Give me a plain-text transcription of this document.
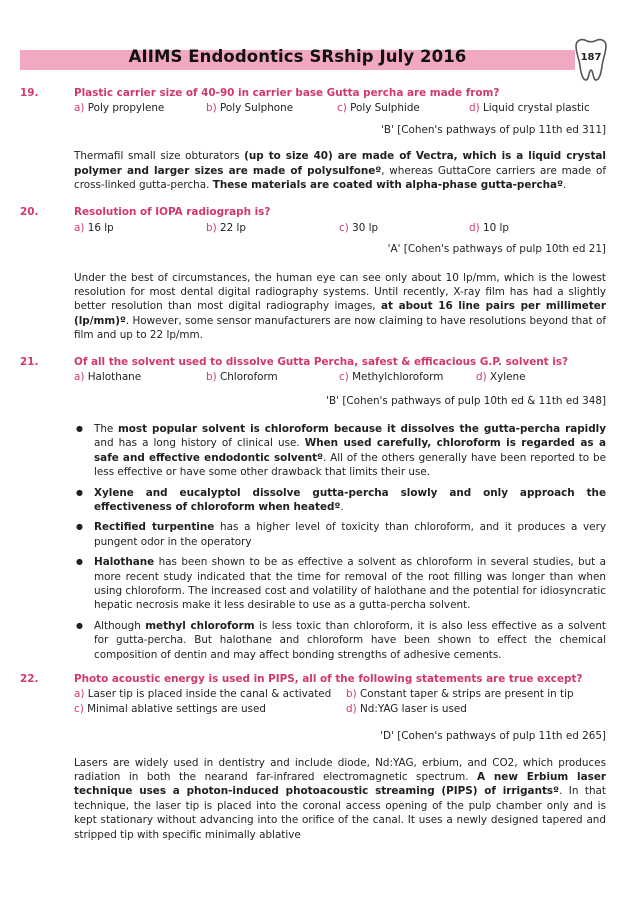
AIIMS Endodontics SRship July 2016	187
19.	Plastic carrier size of 40-90 in carrier base Gutta percha are made from?
a) Poly propylene	b) Poly Sulphone	c) Poly Sulphide	d) Liquid crystal plastic
'B' [Cohen's pathways of pulp 11th ed 311]

Thermafil small size obturators (up to size 40) are made of Vectra, which is a liquid crystal polymer and larger sizes are made of polysulfoneº, whereas GuttaCore carriers are made of cross-linked gutta-percha. These materials are coated with alpha-phase gutta-perchaº.

20.	Resolution of IOPA radiograph is?
a) 16 lp	b) 22 lp	c) 30 lp	d) 10 lp
'A' [Cohen's pathways of pulp 10th ed 21]

Under the best of circumstances, the human eye can see only about 10 lp/mm, which is the lowest resolution for most dental digital radiography systems. Until recently, X-ray film has had a slightly better resolution than most digital radiography images, at about 16 line pairs per millimeter (lp/mm)º. However, some sensor manufacturers are now claiming to have resolutions beyond that of film and up to 22 lp/mm.

21.	Of all the solvent used to dissolve Gutta Percha, safest & efficacious G.P. solvent is?
a) Halothane	b) Chloroform	c) Methylchloroform	d) Xylene
'B' [Cohen's pathways of pulp 10th ed & 11th ed 348]
● The most popular solvent is chloroform because it dissolves the gutta-percha rapidly and has a long history of clinical use. When used carefully, chloroform is regarded as a safe and effective endodontic solventº. All of the others generally have been reported to be less effective or have some other drawback that limits their use.
● Xylene and eucalyptol dissolve gutta-percha slowly and only approach the effectiveness of chloroform when heatedº.
● Rectified turpentine has a higher level of toxicity than chloroform, and it produces a very pungent odor in the operatory
● Halothane has been shown to be as effective a solvent as chloroform in several studies, but a more recent study indicated that the time for removal of the root filling was longer than when using chloroform. The increased cost and volatility of halothane and the potential for idiosyncratic hepatic necrosis make it less desirable to use as a gutta-percha solvent.
● Although methyl chloroform is less toxic than chloroform, it is also less effective as a solvent for gutta-percha. But halothane and chloroform have been shown to effect the chemical composition of dentin and may affect bonding strengths of adhesive cements.
22.	Photo acoustic energy is used in PIPS, all of the following statements are true except?
a) Laser tip is placed inside the canal & activated	b) Constant taper & strips are present in tip
c) Minimal ablative settings are used	d) Nd:YAG laser is used
'D' [Cohen's pathways of pulp 11th ed 265]

Lasers are widely used in dentistry and include diode, Nd:YAG, erbium, and CO2, which produces radiation in both the nearand far-infrared electromagnetic spectrum. A new Erbium laser technique uses a photon-induced photoacoustic streaming (PIPS) of irrigantsº. In that technique, the laser tip is placed into the coronal access opening of the pulp chamber only and is kept stationary without advancing into the orifice of the canal. It uses a newly designed tapered and stripped tip with specific minimally ablative
